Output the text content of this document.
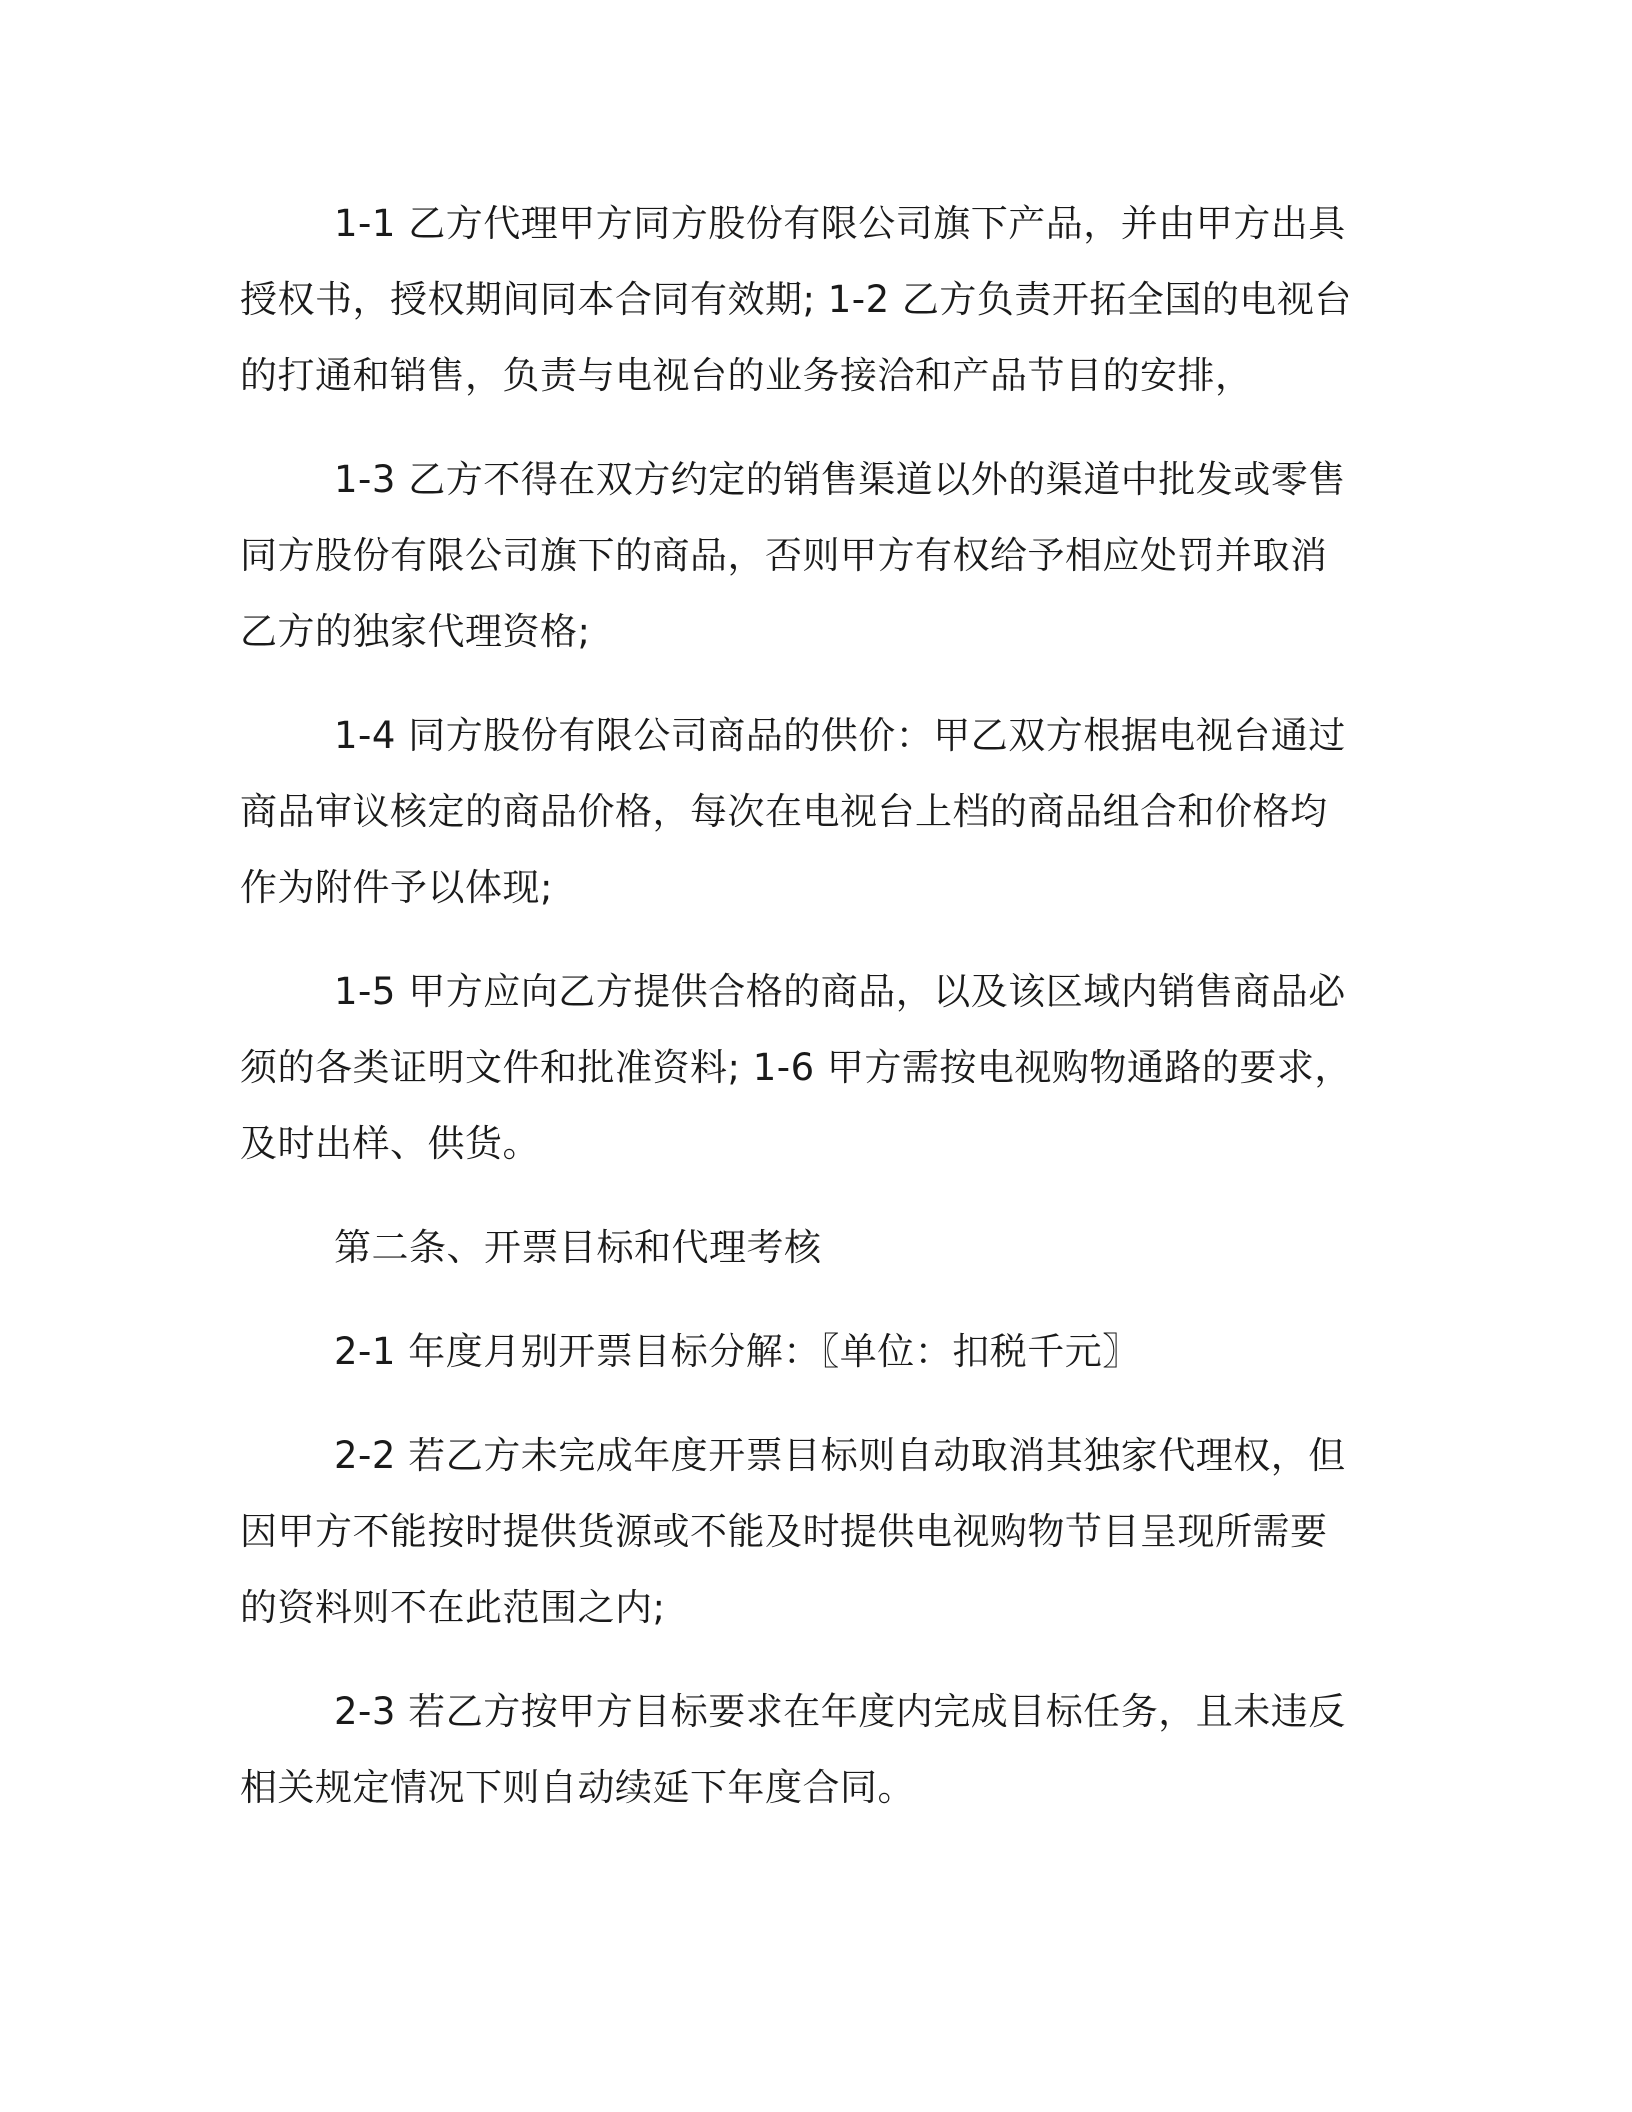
1-1 乙方代理甲方同方股份有限公司旗下产品，并由甲方出具授权书，授权期间同本合同有效期; 1-2 乙方负责开拓全国的电视台的打通和销售，负责与电视台的业务接洽和产品节目的安排，

1-3 乙方不得在双方约定的销售渠道以外的渠道中批发或零售同方股份有限公司旗下的商品，否则甲方有权给予相应处罚并取消乙方的独家代理资格;

1-4 同方股份有限公司商品的供价：甲乙双方根据电视台通过商品审议核定的商品价格，每次在电视台上档的商品组合和价格均作为附件予以体现;

1-5 甲方应向乙方提供合格的商品，以及该区域内销售商品必须的各类证明文件和批准资料; 1-6 甲方需按电视购物通路的要求，及时出样、供货。

第二条、开票目标和代理考核

2-1 年度月别开票目标分解：〖单位：扣税千元〗

2-2 若乙方未完成年度开票目标则自动取消其独家代理权，但因甲方不能按时提供货源或不能及时提供电视购物节目呈现所需要的资料则不在此范围之内;

2-3 若乙方按甲方目标要求在年度内完成目标任务，且未违反相关规定情况下则自动续延下年度合同。
